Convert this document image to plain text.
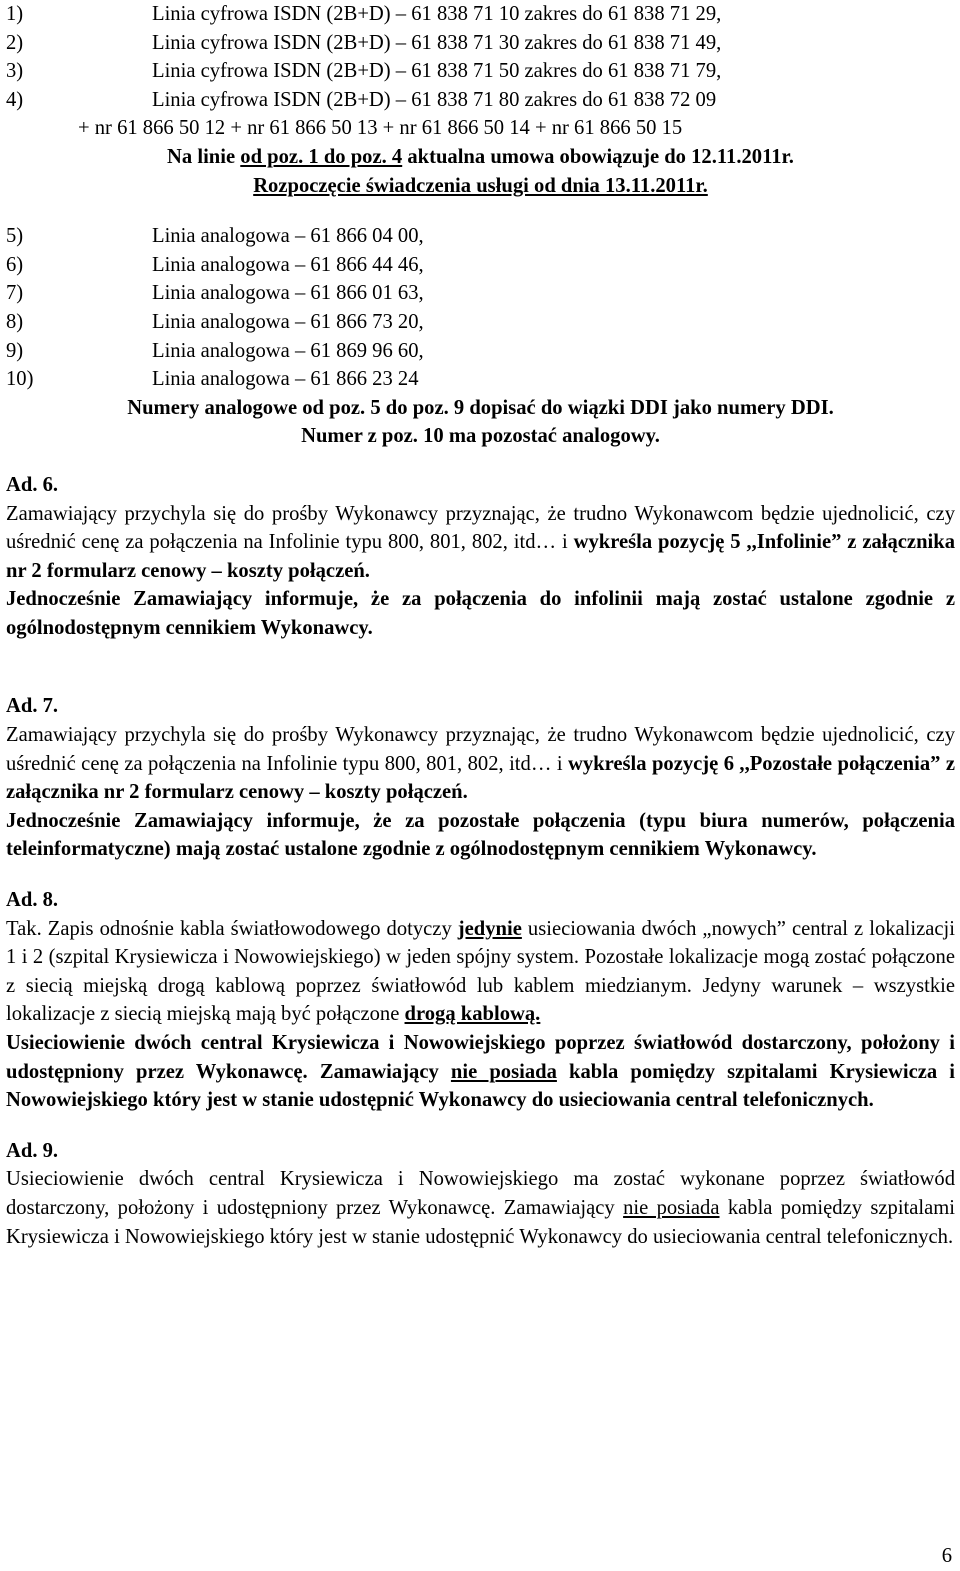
1)	Linia cyfrowa ISDN (2B+D) – 61 838 71 10 zakres do 61 838 71 29,
2)	Linia cyfrowa ISDN (2B+D) – 61 838 71 30 zakres do 61 838 71 49,
3)	Linia cyfrowa ISDN (2B+D) – 61 838 71 50 zakres do 61 838 71 79,
4)	Linia cyfrowa ISDN (2B+D) – 61 838 71 80 zakres do 61 838 72 09
+ nr 61 866 50 12 + nr 61 866 50 13 + nr 61 866 50 14 + nr 61 866 50 15
Na linie od poz. 1 do poz. 4 aktualna umowa obowiązuje do 12.11.2011r.
Rozpoczęcie świadczenia usługi od dnia 13.11.2011r.
5)	Linia analogowa – 61 866 04 00,
6)	Linia analogowa – 61 866 44 46,
7)	Linia analogowa – 61 866 01 63,
8)	Linia analogowa – 61 866 73 20,
9)	Linia analogowa – 61 869 96 60,
10)	Linia analogowa – 61 866 23 24
Numery analogowe od poz. 5 do poz. 9 dopisać do wiązki DDI jako numery DDI.
Numer z poz. 10 ma pozostać analogowy.
Ad. 6.

Zamawiający przychyla się do prośby Wykonawcy przyznając, że trudno Wykonawcom będzie ujednolicić, czy uśrednić cenę za połączenia na Infolinie typu 800, 801, 802, itd… i wykreśla pozycję 5 ,,Infolinie” z załącznika nr 2 formularz cenowy – koszty połączeń.

Jednocześnie Zamawiający informuje, że za połączenia do infolinii mają zostać ustalone zgodnie z ogólnodostępnym cennikiem Wykonawcy.

Ad. 7.

Zamawiający przychyla się do prośby Wykonawcy przyznając, że trudno Wykonawcom będzie ujednolicić, czy uśrednić cenę za połączenia na Infolinie typu 800, 801, 802, itd… i wykreśla pozycję 6 ,,Pozostałe połączenia” z załącznika nr 2 formularz cenowy – koszty połączeń.

Jednocześnie Zamawiający informuje, że za pozostałe połączenia (typu biura numerów, połączenia teleinformatyczne) mają zostać ustalone zgodnie z ogólnodostępnym cennikiem Wykonawcy.

Ad. 8.

Tak. Zapis odnośnie kabla światłowodowego dotyczy jedynie usieciowania dwóch „nowych” central z lokalizacji 1 i 2 (szpital Krysiewicza i Nowowiejskiego) w jeden spójny system. Pozostałe lokalizacje mogą zostać połączone z siecią miejską drogą kablową poprzez światłowód lub kablem miedzianym. Jedyny warunek – wszystkie lokalizacje z siecią miejską mają być połączone drogą kablową.

Usieciowienie dwóch central Krysiewicza i Nowowiejskiego poprzez światłowód dostarczony, położony i udostępniony przez Wykonawcę. Zamawiający nie posiada kabla pomiędzy szpitalami Krysiewicza i Nowowiejskiego który jest w stanie udostępnić Wykonawcy do usieciowania central telefonicznych.

Ad. 9.

Usieciowienie dwóch central Krysiewicza i Nowowiejskiego ma zostać wykonane poprzez światłowód dostarczony, położony i udostępniony przez Wykonawcę. Zamawiający nie posiada kabla pomiędzy szpitalami Krysiewicza i Nowowiejskiego który jest w stanie udostępnić Wykonawcy do usieciowania central telefonicznych.

6
